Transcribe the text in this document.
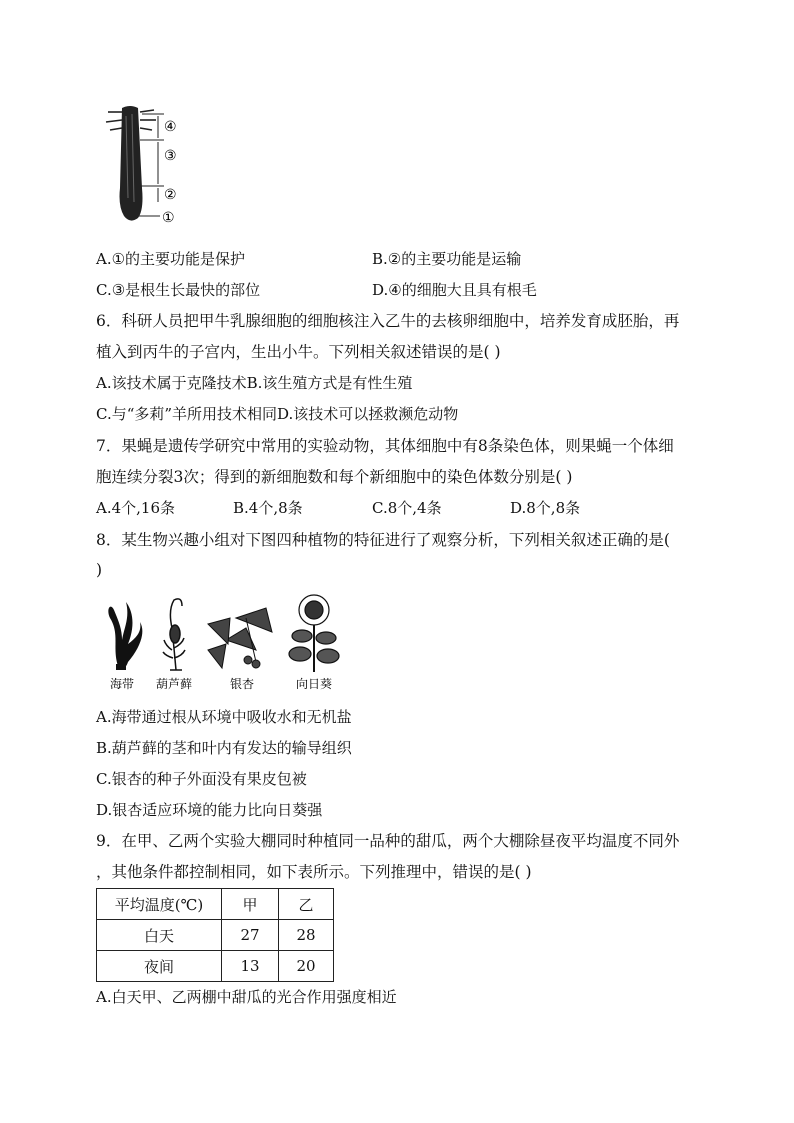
④
③
②
①
A.①的主要功能是保护	B.②的主要功能是运输
C.③是根生长最快的部位	D.④的细胞大且具有根毛
6．科研人员把甲牛乳腺细胞的细胞核注入乙牛的去核卵细胞中，培养发育成胚胎，再
植入到丙牛的子宫内，生出小牛。下列相关叙述错误的是( )
A.该技术属于克隆技术B.该生殖方式是有性生殖
C.与“多莉”羊所用技术相同D.该技术可以拯救濒危动物
7．果蝇是遗传学研究中常用的实验动物，其体细胞中有8条染色体，则果蝇一个体细
胞连续分裂3次；得到的新细胞数和每个新细胞中的染色体数分别是( )
A.4个,16条	B.4个,8条	C.8个,4条	D.8个,8条
8．某生物兴趣小组对下图四种植物的特征进行了观察分析，下列相关叙述正确的是(
)
海带 葫芦藓	银杏	向日葵
A.海带通过根从环境中吸收水和无机盐
B.葫芦藓的茎和叶内有发达的输导组织
C.银杏的种子外面没有果皮包被
D.银杏适应环境的能力比向日葵强
9．在甲、乙两个实验大棚同时种植同一品种的甜瓜，两个大棚除昼夜平均温度不同外
，其他条件都控制相同，如下表所示。下列推理中，错误的是( )
平均温度(℃)	甲	乙
白天	27	28
夜间	13	20
A.白天甲、乙两棚中甜瓜的光合作用强度相近
